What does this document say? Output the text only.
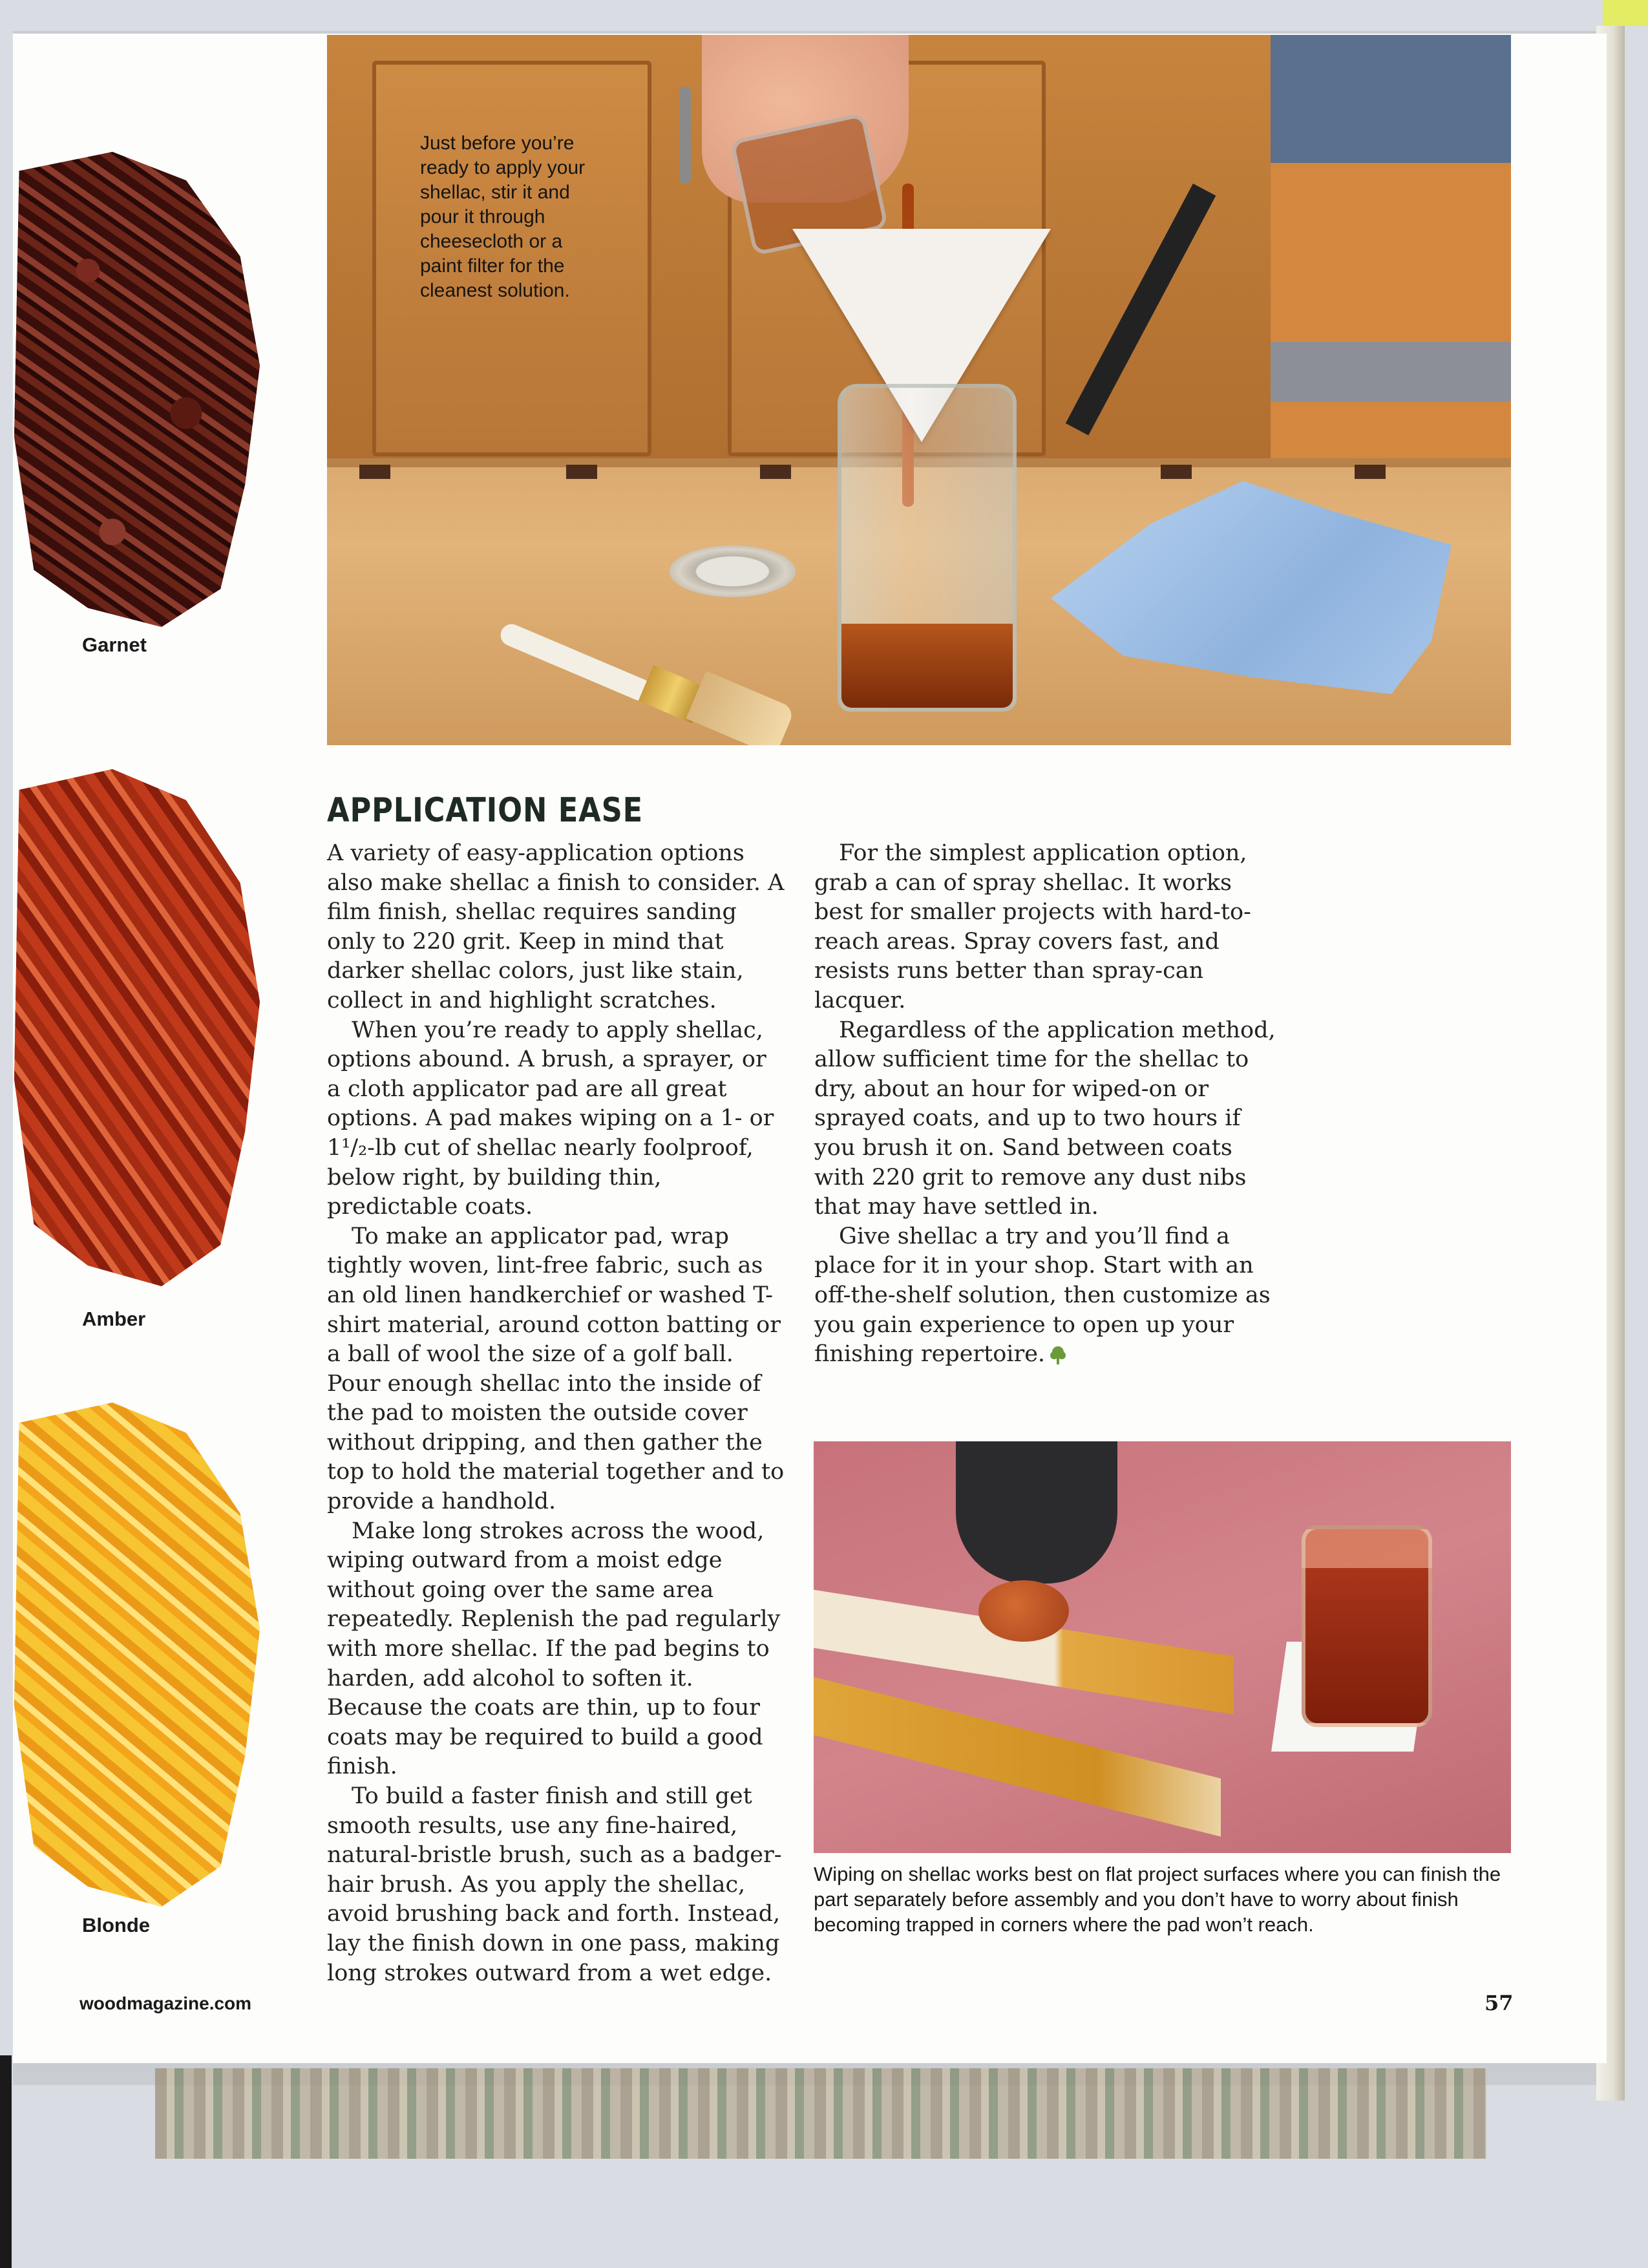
Garnet
Amber
Blonde
Just before you’re ready to apply your shellac, stir it and pour it through cheesecloth or a paint filter for the cleanest solution.
APPLICATION EASE

A variety of easy-application options also make shellac a finish to consider. A film finish, shellac requires sanding only to 220 grit. Keep in mind that darker shellac colors, just like stain, collect in and highlight scratches.

When you’re ready to apply shellac, options abound. A brush, a sprayer, or a cloth applicator pad are all great options. A pad makes wiping on a 1- or 1¹/₂-lb cut of shellac nearly foolproof, below right, by building thin, predictable coats.

To make an applicator pad, wrap tightly woven, lint-free fabric, such as an old linen handkerchief or washed T-shirt material, around cotton batting or a ball of wool the size of a golf ball. Pour enough shellac into the inside of the pad to moisten the outside cover without dripping, and then gather the top to hold the material together and to provide a handhold.

Make long strokes across the wood, wiping outward from a moist edge without going over the same area repeatedly. Replenish the pad regularly with more shellac. If the pad begins to harden, add alcohol to soften it. Because the coats are thin, up to four coats may be required to build a good finish.

To build a faster finish and still get smooth results, use any fine-haired, natural-bristle brush, such as a badger-hair brush. As you apply the shellac, avoid brushing back and forth. Instead, lay the finish down in one pass, making long strokes outward from a wet edge.

For the simplest application option, grab a can of spray shellac. It works best for smaller projects with hard-to-reach areas. Spray covers fast, and resists runs better than spray-can lacquer.

Regardless of the application method, allow sufficient time for the shellac to dry, about an hour for wiped-on or sprayed coats, and up to two hours if you brush it on. Sand between coats with 220 grit to remove any dust nibs that may have settled in.

Give shellac a try and you’ll find a place for it in your shop. Start with an off-the-shelf solution, then customize as you gain experience to open up your finishing repertoire.

Wiping on shellac works best on flat project surfaces where you can finish the part separately before assembly and you don’t have to worry about finish becoming trapped in corners where the pad won’t reach.

woodmagazine.com	57
